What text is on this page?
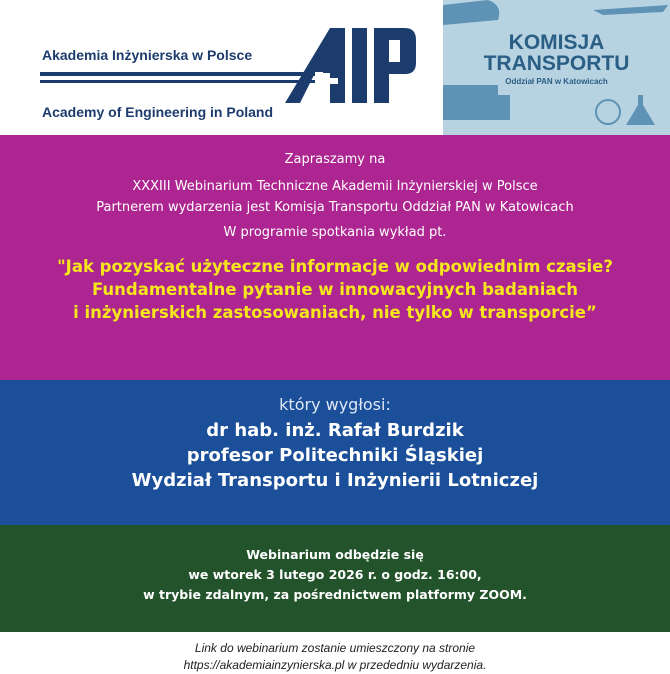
Akademia Inżynierska w Polsce
Academy of Engineering in Poland
KOMISJA
TRANSPORTU
Oddział PAN w Katowicach
Zapraszamy na
XXXIII Webinarium Techniczne Akademii Inżynierskiej w Polsce
Partnerem wydarzenia jest Komisja Transportu Oddział PAN w Katowicach
W programie spotkania wykład pt.
"Jak pozyskać użyteczne informacje w odpowiednim czasie?
Fundamentalne pytanie w innowacyjnych badaniach
i inżynierskich zastosowaniach, nie tylko w transporcie”
który wygłosi:
dr hab. inż. Rafał Burdzik
profesor Politechniki Śląskiej
Wydział Transportu i Inżynierii Lotniczej
Webinarium odbędzie się
we wtorek 3 lutego 2026 r. o godz. 16:00,
w trybie zdalnym, za pośrednictwem platformy ZOOM.
Link do webinarium zostanie umieszczony na stronie
https://akademiainzynierska.pl w przededniu wydarzenia.
